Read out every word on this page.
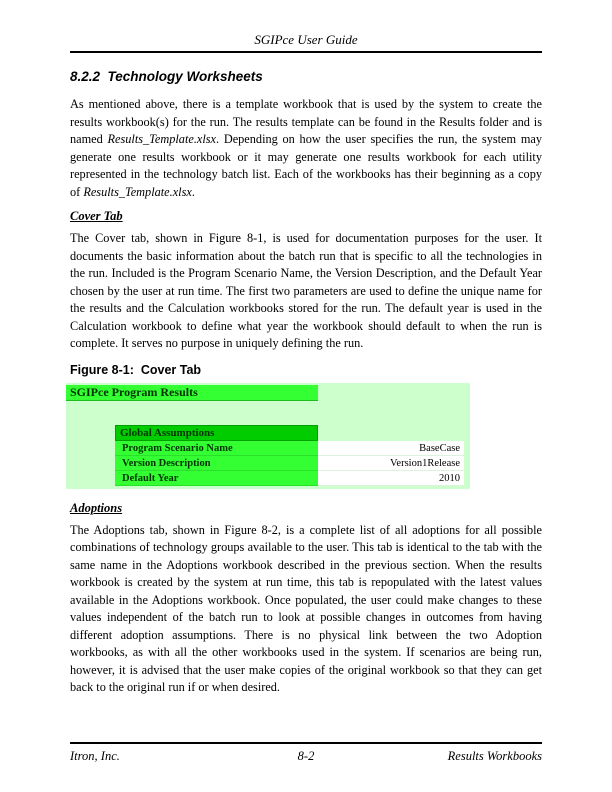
SGIPce User Guide
8.2.2  Technology Worksheets

As mentioned above, there is a template workbook that is used by the system to create the results workbook(s) for the run. The results template can be found in the Results folder and is named Results_Template.xlsx. Depending on how the user specifies the run, the system may generate one results workbook or it may generate one results workbook for each utility represented in the technology batch list. Each of the workbooks has their beginning as a copy of Results_Template.xlsx.

Cover Tab

The Cover tab, shown in Figure 8-1, is used for documentation purposes for the user. It documents the basic information about the batch run that is specific to all the technologies in the run. Included is the Program Scenario Name, the Version Description, and the Default Year chosen by the user at run time. The first two parameters are used to define the unique name for the results and the Calculation workbooks stored for the run. The default year is used in the Calculation workbook to define what year the workbook should default to when the run is complete. It serves no purpose in uniquely defining the run.

Figure 8-1:  Cover Tab
SGIPce Program Results
Global Assumptions
Program Scenario Name	BaseCase
Version Description	Version1Release
Default Year	2010
Adoptions

The Adoptions tab, shown in Figure 8-2, is a complete list of all adoptions for all possible combinations of technology groups available to the user. This tab is identical to the tab with the same name in the Adoptions workbook described in the previous section. When the results workbook is created by the system at run time, this tab is repopulated with the latest values available in the Adoptions workbook. Once populated, the user could make changes to these values independent of the batch run to look at possible changes in outcomes from having different adoption assumptions. There is no physical link between the two Adoption workbooks, as with all the other workbooks used in the system. If scenarios are being run, however, it is advised that the user make copies of the original workbook so that they can get back to the original run if or when desired.

Itron, Inc.	8-2	Results Workbooks
